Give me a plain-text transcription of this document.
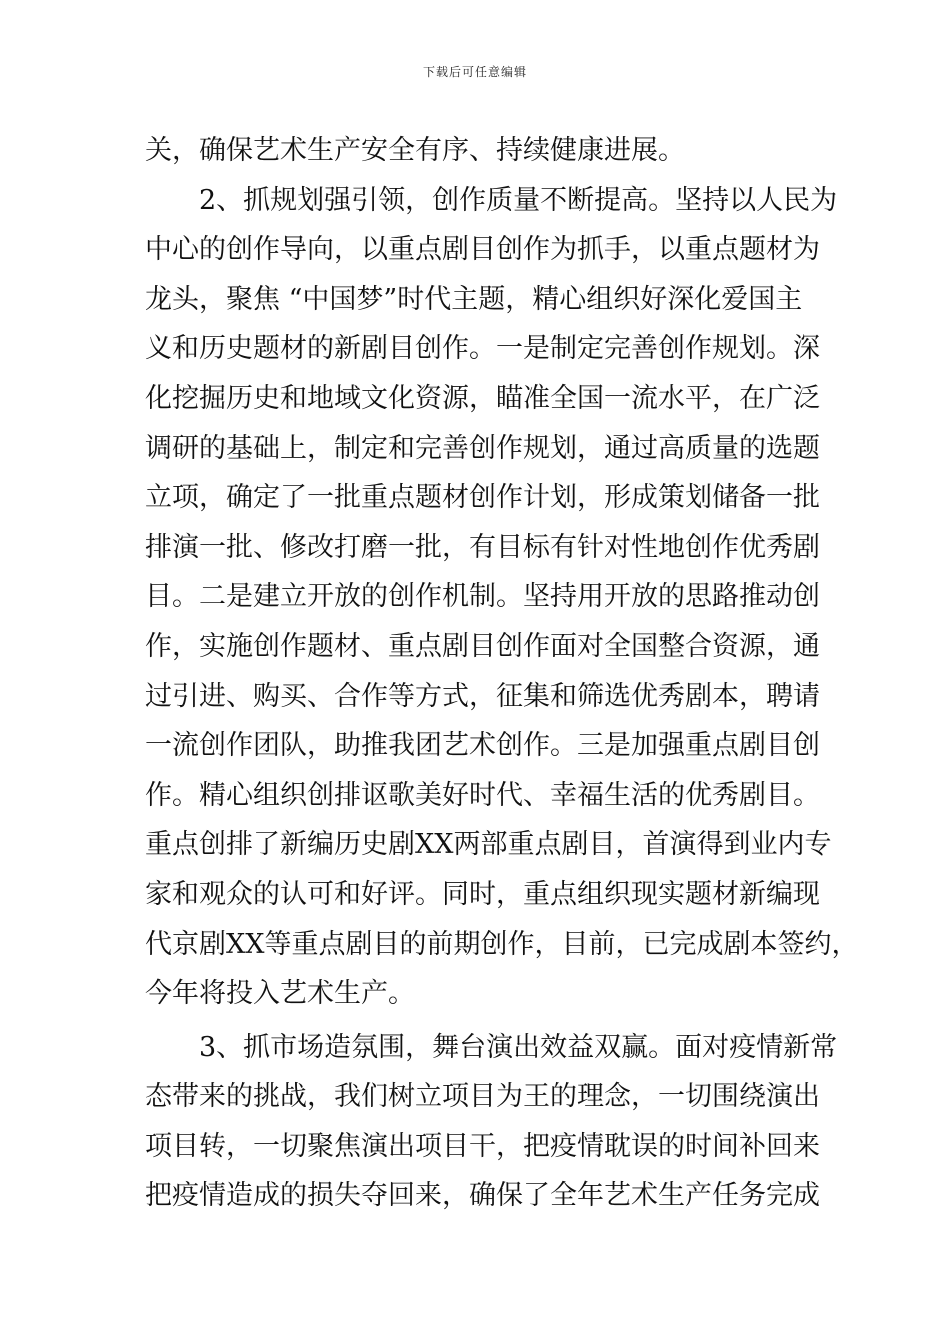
下载后可任意编辑
关，确保艺术生产安全有序、持续健康进展。
2、抓规划强引领，创作质量不断提高。坚持以人民为
中心的创作导向，以重点剧目创作为抓手，以重点题材为
龙头，聚焦 “中国梦”时代主题，精心组织好深化爱国主
义和历史题材的新剧目创作。一是制定完善创作规划。深
化挖掘历史和地域文化资源，瞄准全国一流水平，在广泛
调研的基础上，制定和完善创作规划，通过高质量的选题
立项，确定了一批重点题材创作计划，形成策划储备一批
排演一批、修改打磨一批，有目标有针对性地创作优秀剧
目。二是建立开放的创作机制。坚持用开放的思路推动创
作，实施创作题材、重点剧目创作面对全国整合资源，通
过引进、购买、合作等方式，征集和筛选优秀剧本，聘请
一流创作团队，助推我团艺术创作。三是加强重点剧目创
作。精心组织创排讴歌美好时代、幸福生活的优秀剧目。
重点创排了新编历史剧XX两部重点剧目，首演得到业内专
家和观众的认可和好评。同时，重点组织现实题材新编现
代京剧XX等重点剧目的前期创作，目前，已完成剧本签约，
今年将投入艺术生产。
3、抓市场造氛围，舞台演出效益双赢。面对疫情新常
态带来的挑战，我们树立项目为王的理念，一切围绕演出
项目转，一切聚焦演出项目干，把疫情耽误的时间补回来
把疫情造成的损失夺回来，确保了全年艺术生产任务完成
